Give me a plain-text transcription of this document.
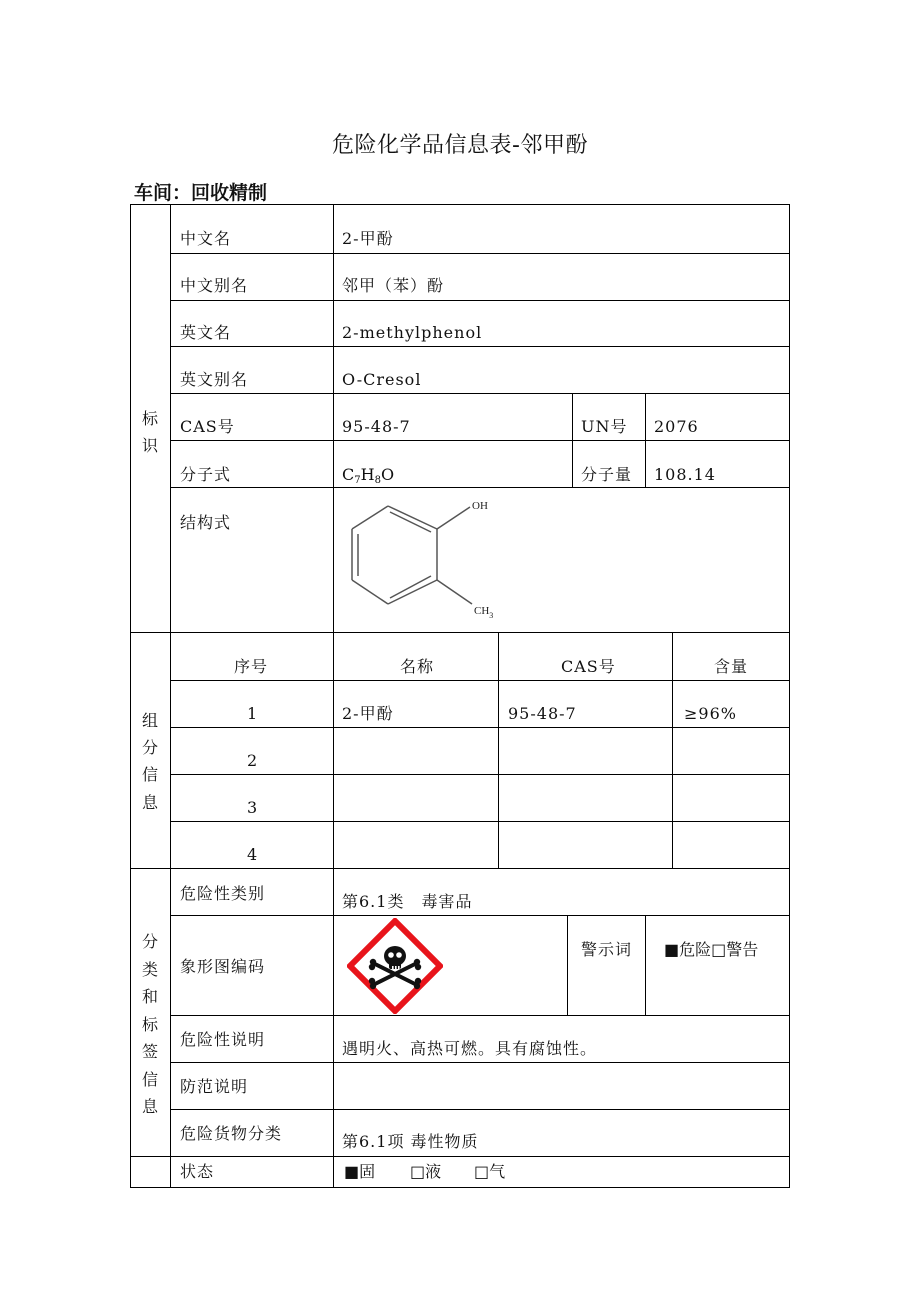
危险化学品信息表-邻甲酚
车间：回收精制
标
识
中文名	2-甲酚
中文别名	邻甲（苯）酚
英文名	2-methylphenol
英文别名	O-Cresol
CAS号	95-48-7	UN号 2076
分子式	$C_7H_8O$	分子量 108.14
结构式
OH
$CH_3$
组
分
信
息
序号	名称	CAS号	含量
1	2-甲酚	95-48-7	≥96%
2
3
4
分
类
和
标
签
信
息
危险性类别	第6.1类　毒害品
象形图编码
警示词 ■危险□警告
危险性说明	遇明火、高热可燃。具有腐蚀性。
防范说明
危险货物分类	第6.1项 毒性物质
状态	■固 □液 □气
